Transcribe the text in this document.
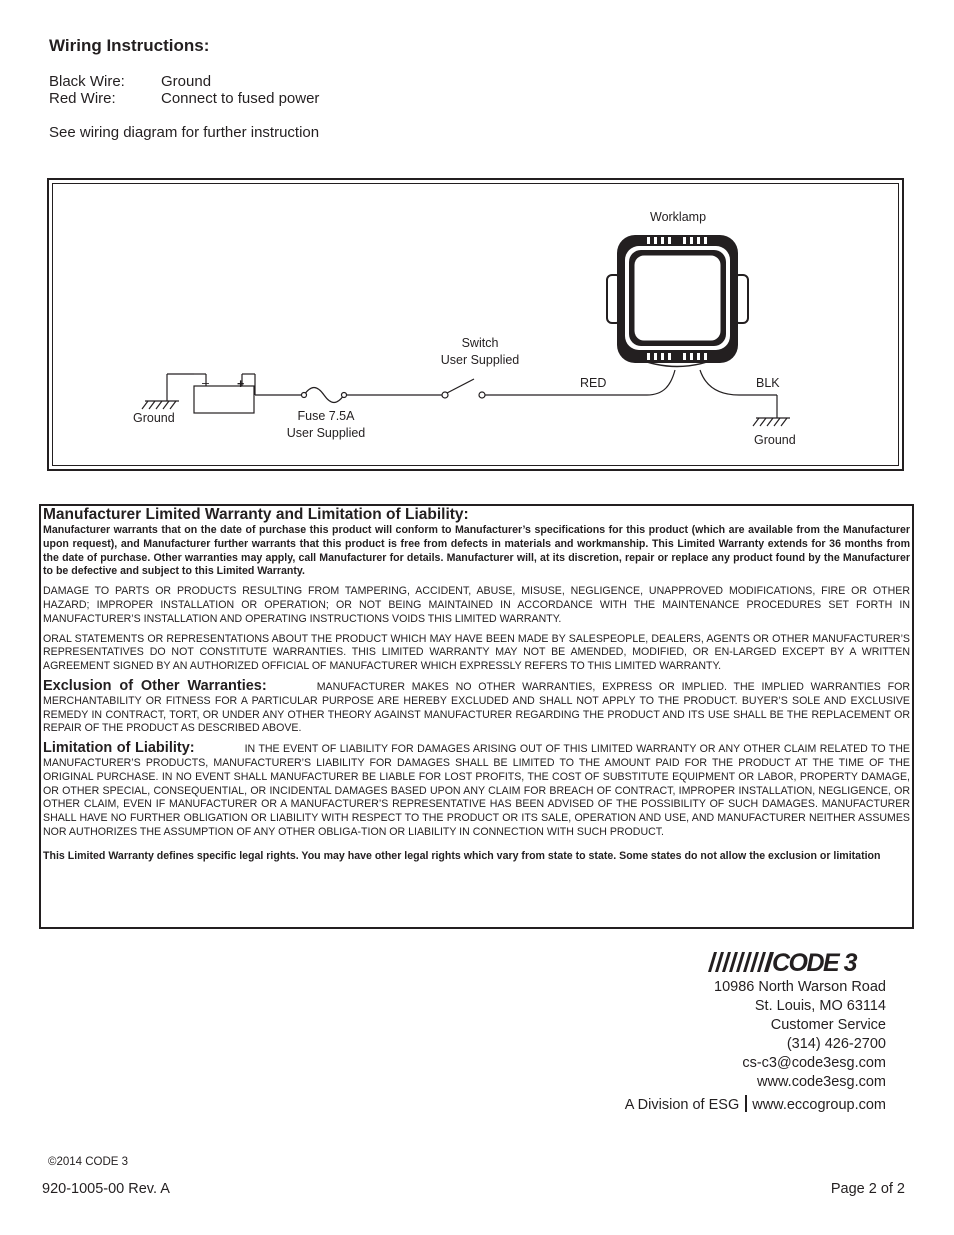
Wiring Instructions:
Black Wire: Ground
Red Wire:	Connect to fused power
See wiring diagram for further instruction
– +
Worklamp
Switch
User Supplied
RED	BLK
Ground
Ground
Fuse 7.5A
User Supplied

Manufacturer Limited Warranty and Limitation of Liability:

Manufacturer warrants that on the date of purchase this product will conform to Manufacturer’s specifications for this product (which are available from the Manufacturer upon request), and Manufacturer further warrants that this product is free from defects in materials and workmanship. This Limited Warranty extends for 36 months from the date of purchase. Other warranties may apply, call Manufacturer for details. Manufacturer will, at its discretion, repair or replace any product found by the Manufacturer to be defective and subject to this Limited Warranty.

DAMAGE TO PARTS OR PRODUCTS RESULTING FROM TAMPERING, ACCIDENT, ABUSE, MISUSE, NEGLIGENCE, UNAPPROVED MODIFICATIONS, FIRE OR OTHER HAZARD; IMPROPER INSTALLATION OR OPERATION; OR NOT BEING MAINTAINED IN ACCORDANCE WITH THE MAINTENANCE PROCEDURES SET FORTH IN MANUFACTURER’S INSTALLATION AND OPERATING INSTRUCTIONS VOIDS THIS LIMITED WARRANTY.

ORAL STATEMENTS OR REPRESENTATIONS ABOUT THE PRODUCT WHICH MAY HAVE BEEN MADE BY SALESPEOPLE, DEALERS, AGENTS OR OTHER MANUFACTURER’S REPRESENTATIVES DO NOT CONSTITUTE WARRANTIES. THIS LIMITED WARRANTY MAY NOT BE AMENDED, MODIFIED, OR EN-LARGED EXCEPT BY A WRITTEN AGREEMENT SIGNED BY AN AUTHORIZED OFFICIAL OF MANUFACTURER WHICH EXPRESSLY REFERS TO THIS LIMITED WARRANTY.

Exclusion of Other Warranties:	MANUFACTURER MAKES NO OTHER WARRANTIES, EXPRESS OR IMPLIED. THE IMPLIED WARRANTIES FOR MERCHANTABILITY OR FITNESS FOR A PARTICULAR PURPOSE ARE HEREBY EXCLUDED AND SHALL NOT APPLY TO THE PRODUCT. BUYER’S SOLE AND EXCLUSIVE REMEDY IN CONTRACT, TORT, OR UNDER ANY OTHER THEORY AGAINST MANUFACTURER REGARDING THE PRODUCT AND ITS USE SHALL BE THE REPLACEMENT OR REPAIR OF THE PRODUCT AS DESCRIBED ABOVE.

Limitation of Liability:	IN THE EVENT OF LIABILITY FOR DAMAGES ARISING OUT OF THIS LIMITED WARRANTY OR ANY OTHER CLAIM RELATED TO THE MANUFACTURER’S PRODUCTS, MANUFACTURER’S LIABILITY FOR DAMAGES SHALL BE LIMITED TO THE AMOUNT PAID FOR THE PRODUCT AT THE TIME OF THE ORIGINAL PURCHASE. IN NO EVENT SHALL MANUFACTURER BE LIABLE FOR LOST PROFITS, THE COST OF SUBSTITUTE EQUIPMENT OR LABOR, PROPERTY DAMAGE, OR OTHER SPECIAL, CONSEQUENTIAL, OR INCIDENTAL DAMAGES BASED UPON ANY CLAIM FOR BREACH OF CONTRACT, IMPROPER INSTALLATION, NEGLIGENCE, OR OTHER CLAIM, EVEN IF MANUFACTURER OR A MANUFACTURER’S REPRESENTATIVE HAS BEEN ADVISED OF THE POSSIBILITY OF SUCH DAMAGES. MANUFACTURER SHALL HAVE NO FURTHER OBLIGATION OR LIABILITY WITH RESPECT TO THE PRODUCT OR ITS SALE, OPERATION AND USE, AND MANUFACTURER NEITHER ASSUMES NOR AUTHORIZES THE ASSUMPTION OF ANY OTHER OBLIGA-TION OR LIABILITY IN CONNECTION WITH SUCH PRODUCT.

This Limited Warranty defines specific legal rights. You may have other legal rights which vary from state to state. Some states do not allow the exclusion or limitation

CODE 3
10986 North Warson Road
St. Louis, MO 63114
Customer Service
(314) 426-2700
cs-c3@code3esg.com
www.code3esg.com
A Division of ESG www.eccogroup.com
©2014 CODE 3
920-1005-00 Rev. A	Page 2 of 2
